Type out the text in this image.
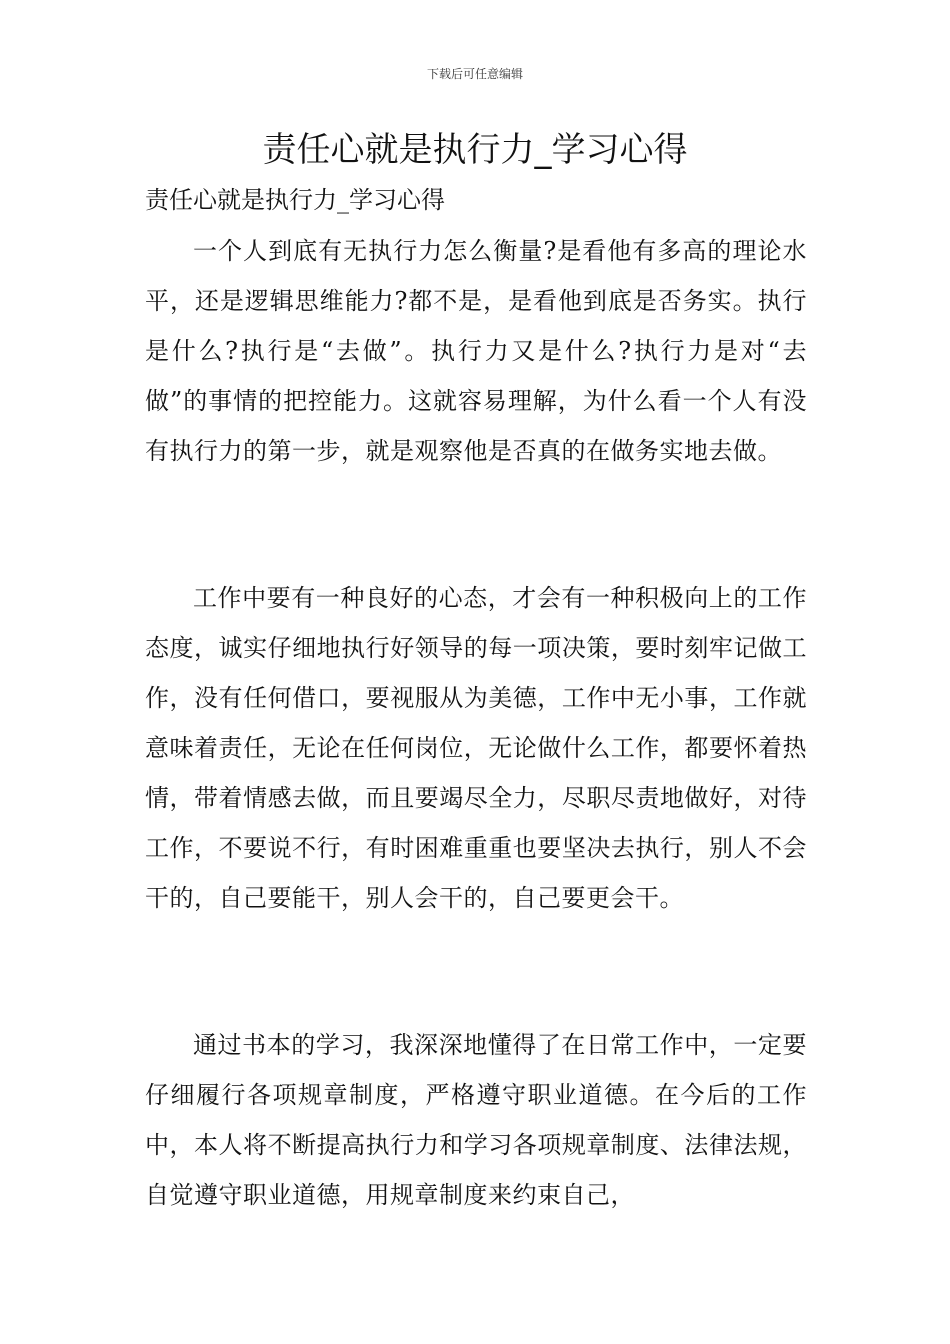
下载后可任意编辑
责任心就是执行力_学习心得

责任心就是执行力_学习心得

一个人到底有无执行力怎么衡量?是看他有多高的理论水平，还是逻辑思维能力?都不是，是看他到底是否务实。执行是什么?执行是“去做”。执行力又是什么?执行力是对“去做”的事情的把控能力。这就容易理解，为什么看一个人有没有执行力的第一步，就是观察他是否真的在做务实地去做。

工作中要有一种良好的心态，才会有一种积极向上的工作态度，诚实仔细地执行好领导的每一项决策，要时刻牢记做工作，没有任何借口，要视服从为美德，工作中无小事，工作就意味着责任，无论在任何岗位，无论做什么工作，都要怀着热情，带着情感去做，而且要竭尽全力，尽职尽责地做好，对待工作，不要说不行，有时困难重重也要坚决去执行，别人不会干的，自己要能干，别人会干的，自己要更会干。

通过书本的学习，我深深地懂得了在日常工作中，一定要仔细履行各项规章制度，严格遵守职业道德。在今后的工作中，本人将不断提高执行力和学习各项规章制度、法律法规，自觉遵守职业道德，用规章制度来约束自己，
